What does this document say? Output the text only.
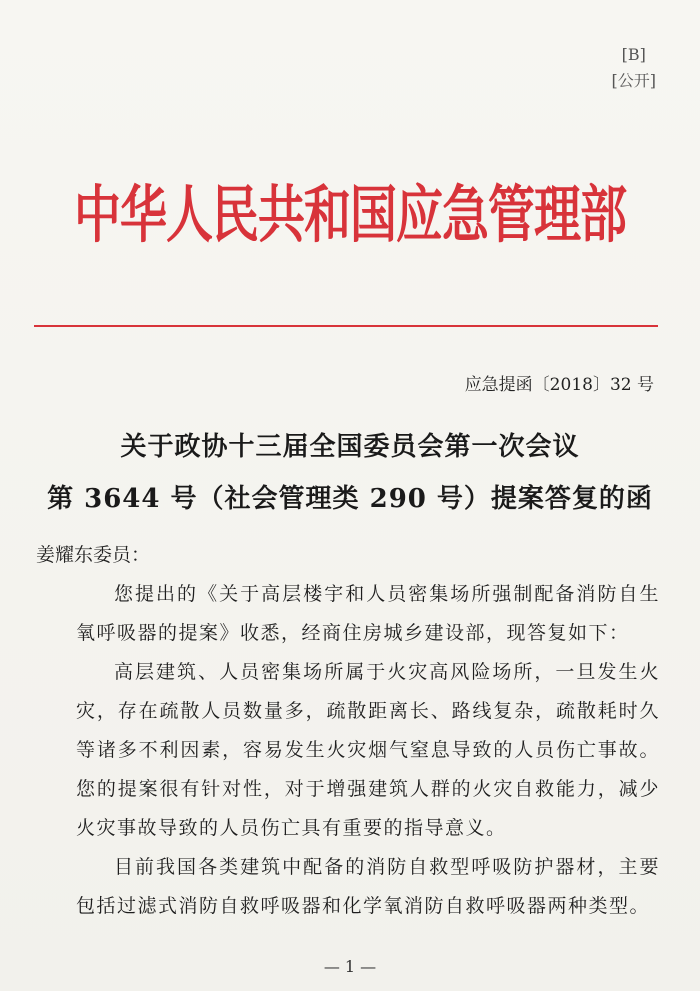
[B]
[公开]
中华人民共和国应急管理部
应急提函〔2018〕32 号
关于政协十三届全国委员会第一次会议
第 3644 号（社会管理类 290 号）提案答复的函
姜耀东委员：

您提出的《关于高层楼宇和人员密集场所强制配备消防自生氧呼吸器的提案》收悉，经商住房城乡建设部，现答复如下：

高层建筑、人员密集场所属于火灾高风险场所，一旦发生火灾，存在疏散人员数量多，疏散距离长、路线复杂，疏散耗时久等诸多不利因素，容易发生火灾烟气窒息导致的人员伤亡事故。您的提案很有针对性，对于增强建筑人群的火灾自救能力，减少火灾事故导致的人员伤亡具有重要的指导意义。

目前我国各类建筑中配备的消防自救型呼吸防护器材，主要包括过滤式消防自救呼吸器和化学氧消防自救呼吸器两种类型。

— 1 —
